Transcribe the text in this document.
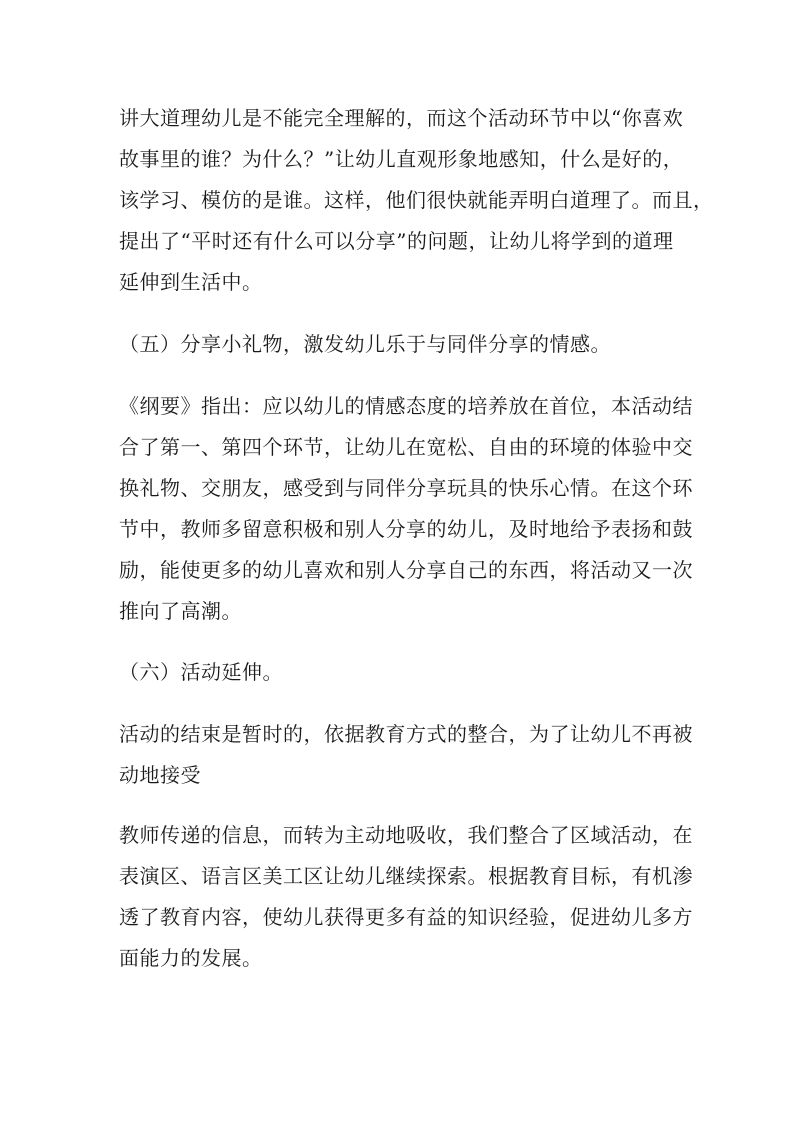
讲大道理幼儿是不能完全理解的，而这个活动环节中以“你喜欢
故事里的谁？为什么？”让幼儿直观形象地感知，什么是好的，
该学习、模仿的是谁。这样，他们很快就能弄明白道理了。而且，
提出了“平时还有什么可以分享”的问题，让幼儿将学到的道理
延伸到生活中。

（五）分享小礼物，激发幼儿乐于与同伴分享的情感。

《纲要》指出：应以幼儿的情感态度的培养放在首位，本活动结
合了第一、第四个环节，让幼儿在宽松、自由的环境的体验中交
换礼物、交朋友，感受到与同伴分享玩具的快乐心情。在这个环
节中，教师多留意积极和别人分享的幼儿，及时地给予表扬和鼓
励，能使更多的幼儿喜欢和别人分享自己的东西，将活动又一次
推向了高潮。

（六）活动延伸。

活动的结束是暂时的，依据教育方式的整合，为了让幼儿不再被
动地接受

教师传递的信息，而转为主动地吸收，我们整合了区域活动，在
表演区、语言区美工区让幼儿继续探索。根据教育目标，有机渗
透了教育内容，使幼儿获得更多有益的知识经验，促进幼儿多方
面能力的发展。
